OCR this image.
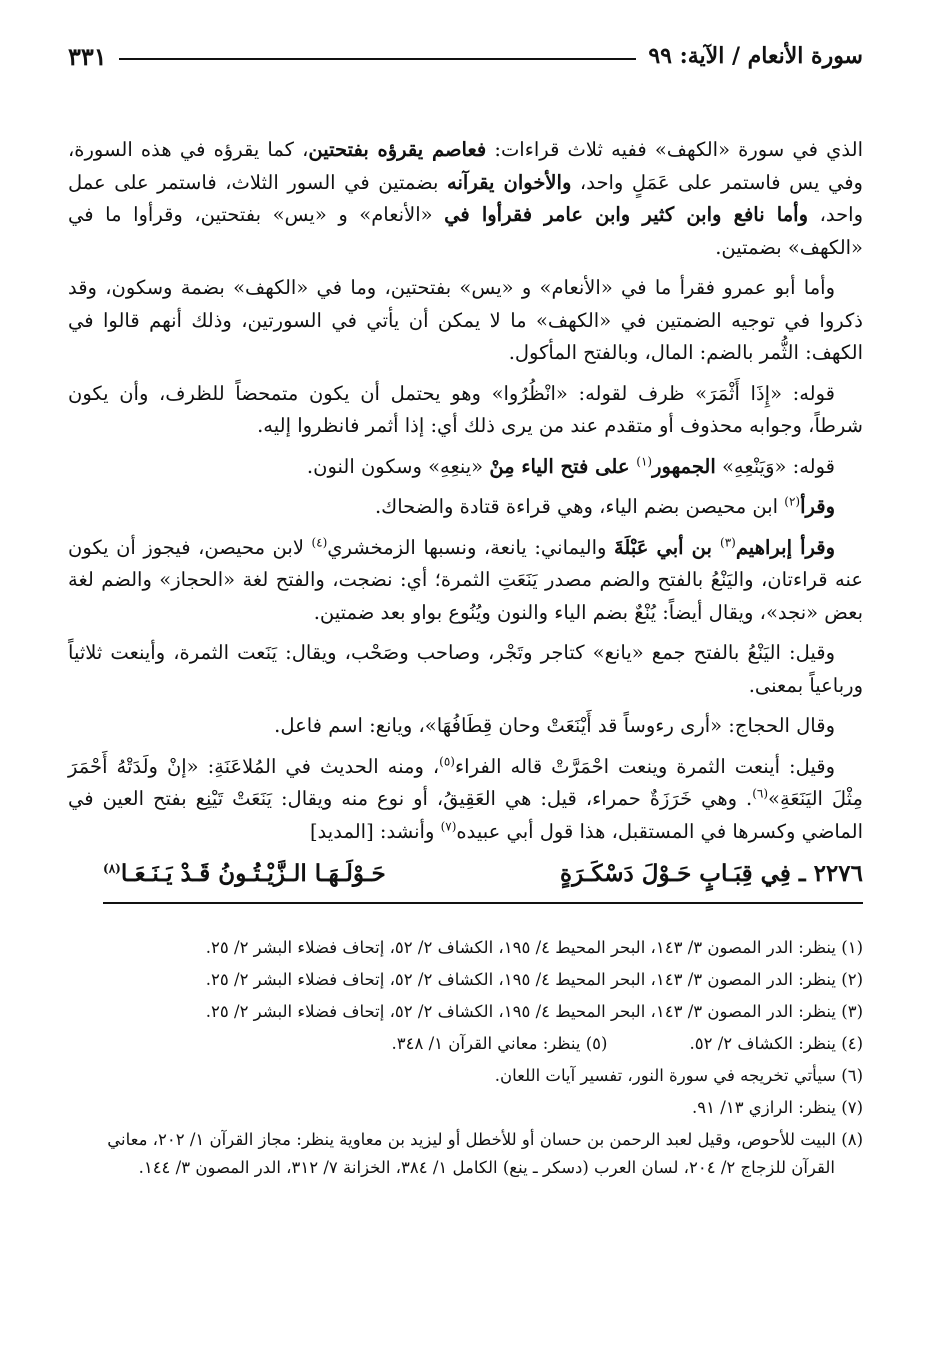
سورة الأنعام / الآية: ٩٩
٣٣١

الذي في سورة «الكهف» ففيه ثلاث قراءات: فعاصم يقرؤه بفتحتين، كما يقرؤه في هذه السورة، وفي يس فاستمر على عَمَلٍ واحد، والأخوان يقرآنه بضمتين في السور الثلاث، فاستمر على عمل واحد، وأما نافع وابن كثير وابن عامر فقرأوا في «الأنعام» و «يس» بفتحتين، وقرأوا ما في «الكهف» بضمتين.

وأما أبو عمرو فقرأ ما في «الأنعام» و «يس» بفتحتين، وما في «الكهف» بضمة وسكون، وقد ذكروا في توجيه الضمتين في «الكهف» ما لا يمكن أن يأتي في السورتين، وذلك أنهم قالوا في الكهف: الثُّمر بالضم: المال، وبالفتح المأكول.

قوله: «إِذَا أَثْمَرَ» ظرف لقوله: «انْظُرُوا» وهو يحتمل أن يكون متمحضاً للظرف، وأن يكون شرطاً، وجوابه محذوف أو متقدم عند من يرى ذلك أي: إذا أثمر فانظروا إليه.

قوله: «وَيَنْعِهِ» الجمهور$^{(١)}$ على فتح الياء مِنْ «ينعِهِ» وسكون النون.

وقرأ$^{(٢)}$ ابن محيصن بضم الياء، وهي قراءة قتادة والضحاك.

وقرأ إبراهيم$^{(٣)}$ بن أبي عَبْلَةَ واليماني: يانعة، ونسبها الزمخشري$^{(٤)}$ لابن محيصن، فيجوز أن يكون عنه قراءتان، واليَنْعُ بالفتح والضم مصدر يَنَعَتِ الثمرة؛ أي: نضجت، والفتح لغة «الحجاز» والضم لغة بعض «نجد»، ويقال أيضاً: يُنْعٌ بضم الياء والنون ويُنُوع بواو بعد ضمتين.

وقيل: اليَنْعُ بالفتح جمع «يانع» كتاجر وتَجْر، وصاحب وصَحْب، ويقال: يَنَعت الثمرة، وأينعت ثلاثياً ورباعياً بمعنى.

وقال الحجاج: «أرى رءوساً قد أَيْنَعَتْ وحان قِطَافُهَا»، ويانع: اسم فاعل.

وقيل: أينعت الثمرة وينعت احْمَرَّتْ قاله الفراء$^{(٥)}$، ومنه الحديث في المُلاعَنَةِ: «إنْ ولَدَتْهُ أَحْمَرَ مِثْلَ اليَنَعَةِ»$^{(٦)}$. وهي خَرَزَةٌ حمراء، قيل: هي العَقِيقُ، أو نوع منه ويقال: يَنَعَتْ تَيْنِع بفتح العين في الماضي وكسرها في المستقبل، هذا قول أبي عبيده$^{(٧)}$ وأنشد: [المديد]

٢٢٧٦ ـ فِي قِبَـابٍ حَـوْلَ دَسْكَـرَةٍ
حَـوْلَـهَـا الـزَّيْـتُـونُ قَـدْ يَـنَـعَـا$^{(٨)}$

(١) ينظر: الدر المصون ٣/ ١٤٣، البحر المحيط ٤/ ١٩٥، الكشاف ٢/ ٥٢، إتحاف فضلاء البشر ٢/ ٢٥.

(٢) ينظر: الدر المصون ٣/ ١٤٣، البحر المحيط ٤/ ١٩٥، الكشاف ٢/ ٥٢، إتحاف فضلاء البشر ٢/ ٢٥.

(٣) ينظر: الدر المصون ٣/ ١٤٣، البحر المحيط ٤/ ١٩٥، الكشاف ٢/ ٥٢، إتحاف فضلاء البشر ٢/ ٢٥.

(٤) ينظر: الكشاف ٢/ ٥٢.
(٥) ينظر: معاني القرآن ١/ ٣٤٨.

(٦) سيأتي تخريجه في سورة النور، تفسير آيات اللعان.

(٧) ينظر: الرازي ١٣/ ٩١.

(٨) البيت للأحوص، وقيل لعبد الرحمن بن حسان أو للأخطل أو ليزيد بن معاوية ينظر: مجاز القرآن ١/ ٢٠٢، معاني القرآن للزجاج ٢/ ٢٠٤، لسان العرب (دسكر ـ ينع) الكامل ١/ ٣٨٤، الخزانة ٧/ ٣١٢، الدر المصون ٣/ ١٤٤.
